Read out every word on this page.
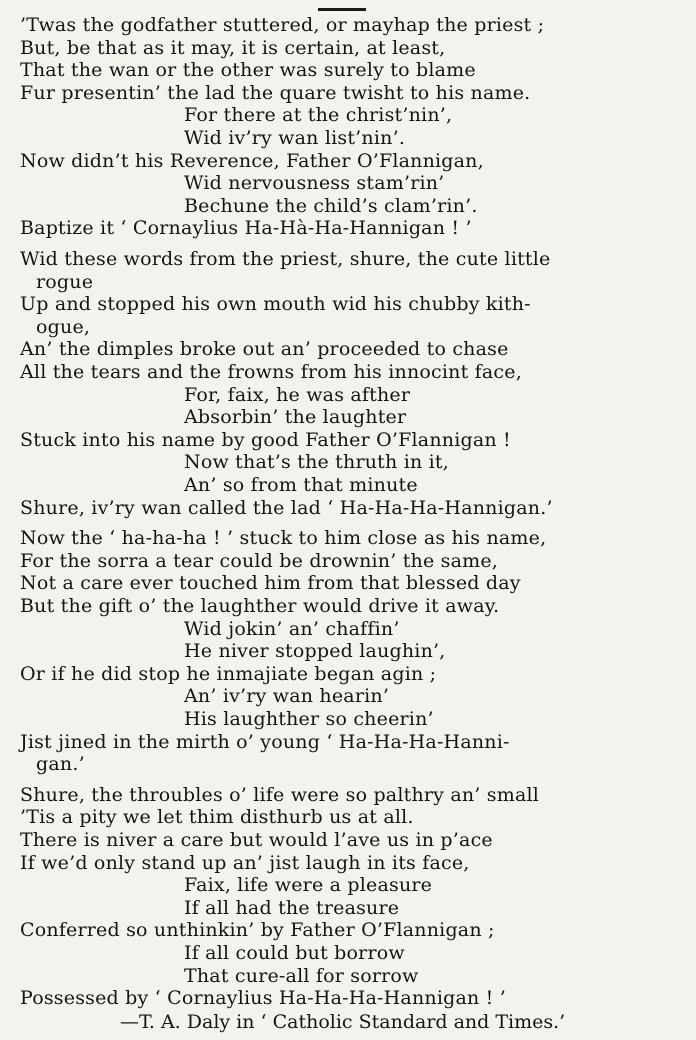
’Twas the godfather stuttered, or mayhap the priest ;
But, be that as it may, it is certain, at least,
That the wan or the other was surely to blame
Fur presentin’ the lad the quare twisht to his name.
For there at the christ’nin’,
Wid iv’ry wan list’nin’.
Now didn’t his Reverence, Father O’Flannigan,
Wid nervousness stam’rin’
Bechune the child’s clam’rin’.
Baptize it ‘ Cornaylius Ha-Hà-Ha-Hannigan ! ’
Wid these words from the priest, shure, the cute little
rogue
Up and stopped his own mouth wid his chubby kith-
ogue,
An’ the dimples broke out an’ proceeded to chase
All the tears and the frowns from his innocint face,
For, faix, he was afther
Absorbin’ the laughter
Stuck into his name by good Father O’Flannigan !
Now that’s the thruth in it,
An’ so from that minute
Shure, iv’ry wan called the lad ‘ Ha-Ha-Ha-Hannigan.’
Now the ‘ ha-ha-ha ! ’ stuck to him close as his name,
For the sorra a tear could be drownin’ the same,
Not a care ever touched him from that blessed day
But the gift o’ the laughther would drive it away.
Wid jokin’ an’ chaffin’
He niver stopped laughin’,
Or if he did stop he inmajiate began agin ;
An’ iv’ry wan hearin’
His laughther so cheerin’
Jist jined in the mirth o’ young ‘ Ha-Ha-Ha-Hanni-
gan.’
Shure, the throubles o’ life were so palthry an’ small
’Tis a pity we let thim disthurb us at all.
There is niver a care but would l’ave us in p’ace
If we’d only stand up an’ jist laugh in its face,
Faix, life were a pleasure
If all had the treasure
Conferred so unthinkin’ by Father O’Flannigan ;
If all could but borrow
That cure-all for sorrow
Possessed by ‘ Cornaylius Ha-Ha-Ha-Hannigan ! ’
—T. A. Daly in ‘ Catholic Standard and Times.’
